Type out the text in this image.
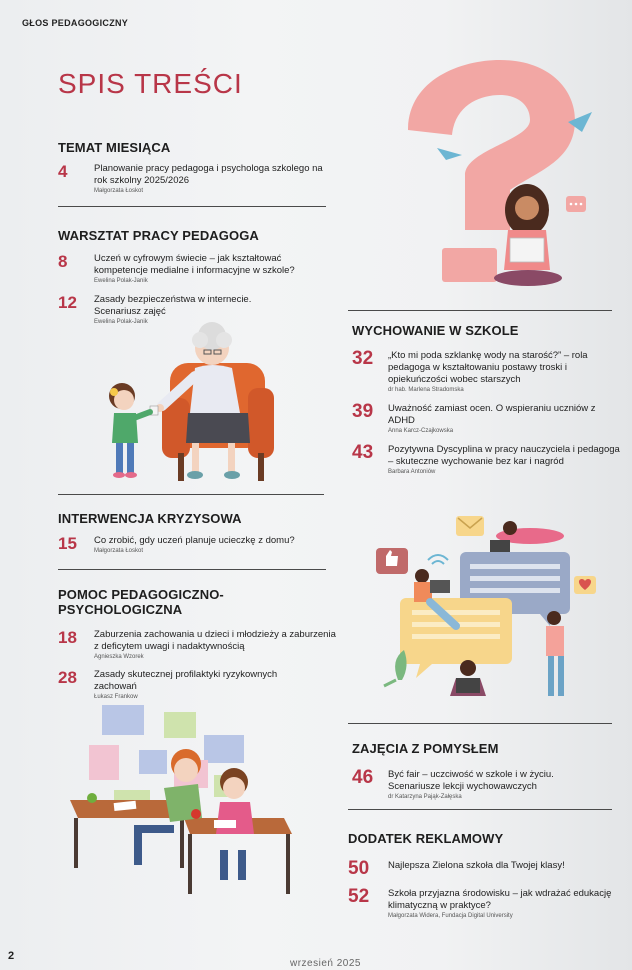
GŁOS PEDAGOGICZNY
SPIS TREŚCI
TEMAT MIESIĄCA
4	Planowanie pracy pedagoga i psychologa szkolego na rok szkolny 2025/2026
Małgorzata Łoskot
WARSZTAT PRACY PEDAGOGA
8	Uczeń w cyfrowym świecie – jak kształtować kompetencje medialne i informacyjne w szkole?
Ewelina Polak-Janik
12	Zasady bezpieczeństwa w internecie. Scenariusz zajęć
Ewelina Polak-Janik
INTERWENCJA KRYZYSOWA
15	Co zrobić, gdy uczeń planuje ucieczkę z domu?
Małgorzata Łoskot
POMOC PEDAGOGICZNO-PSYCHOLOGICZNA
18	Zaburzenia zachowania u dzieci i młodzieży a zaburzenia z deficytem uwagi i nadaktywnością
Agnieszka Wzorek
28	Zasady skutecznej profilaktyki ryzykownych zachowań
Łukasz Frankow
WYCHOWANIE W SZKOLE
32	„Kto mi poda szklankę wody na starość?” – rola pedagoga w kształtowaniu postawy troski i opiekuńczości wobec starszych
dr hab. Marlena Stradomska
39	Uważność zamiast ocen. O wspieraniu uczniów z ADHD
Anna Karcz-Czajkowska
43	Pozytywna Dyscyplina w pracy nauczyciela i pedagoga – skuteczne wychowanie bez kar i nagród
Barbara Antoniów
ZAJĘCIA Z POMYSŁEM
46	Być fair – uczciwość w szkole i w życiu. Scenariusze lekcji wychowawczych
dr Katarzyna Pająk-Załęska
DODATEK REKLAMOWY
50	Najlepsza Zielona szkoła dla Twojej klasy!
52	Szkoła przyjazna środowisku – jak wdrażać edukację klimatyczną w praktyce?
Małgorzata Widera, Fundacja Digital University
2
wrzesień 2025
